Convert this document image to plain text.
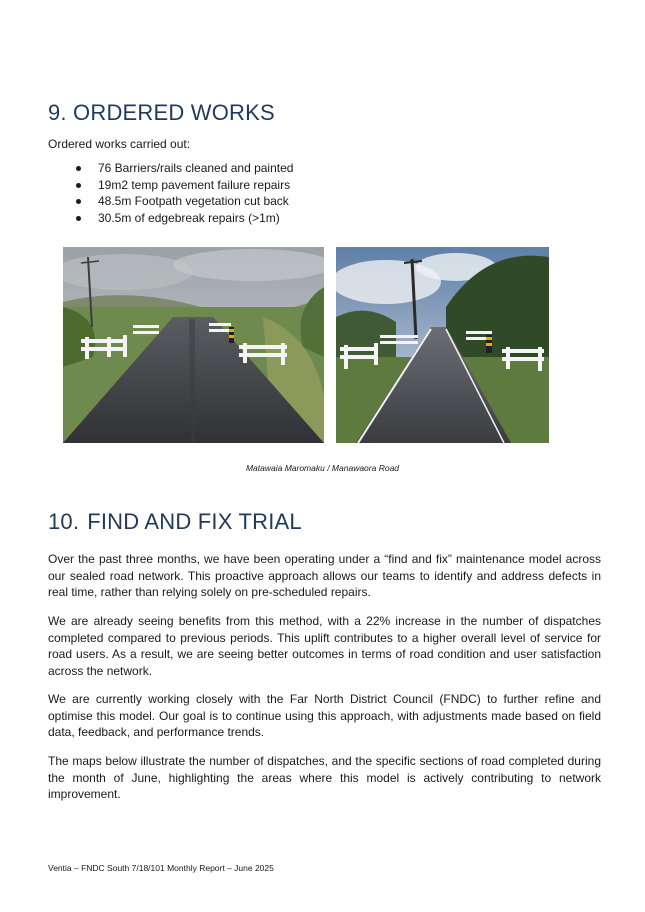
9. ORDERED WORKS

Ordered works carried out:

76 Barriers/rails cleaned and painted
19m2 temp pavement failure repairs
48.5m Footpath vegetation cut back
30.5m of edgebreak repairs (>1m)
Matawaia Maromaku / Manawaora Road
10. FIND AND FIX TRIAL

Over the past three months, we have been operating under a “find and fix” maintenance model across our sealed road network. This proactive approach allows our teams to identify and address defects in real time, rather than relying solely on pre-scheduled repairs.

We are already seeing benefits from this method, with a 22% increase in the number of dispatches completed compared to previous periods. This uplift contributes to a higher overall level of service for road users. As a result, we are seeing better outcomes in terms of road condition and user satisfaction across the network.

We are currently working closely with the Far North District Council (FNDC) to further refine and optimise this model. Our goal is to continue using this approach, with adjustments made based on field data, feedback, and performance trends.

The maps below illustrate the number of dispatches, and the specific sections of road completed during the month of June, highlighting the areas where this model is actively contributing to network improvement.

Ventia – FNDC South 7/18/101 Monthly Report – June 2025
